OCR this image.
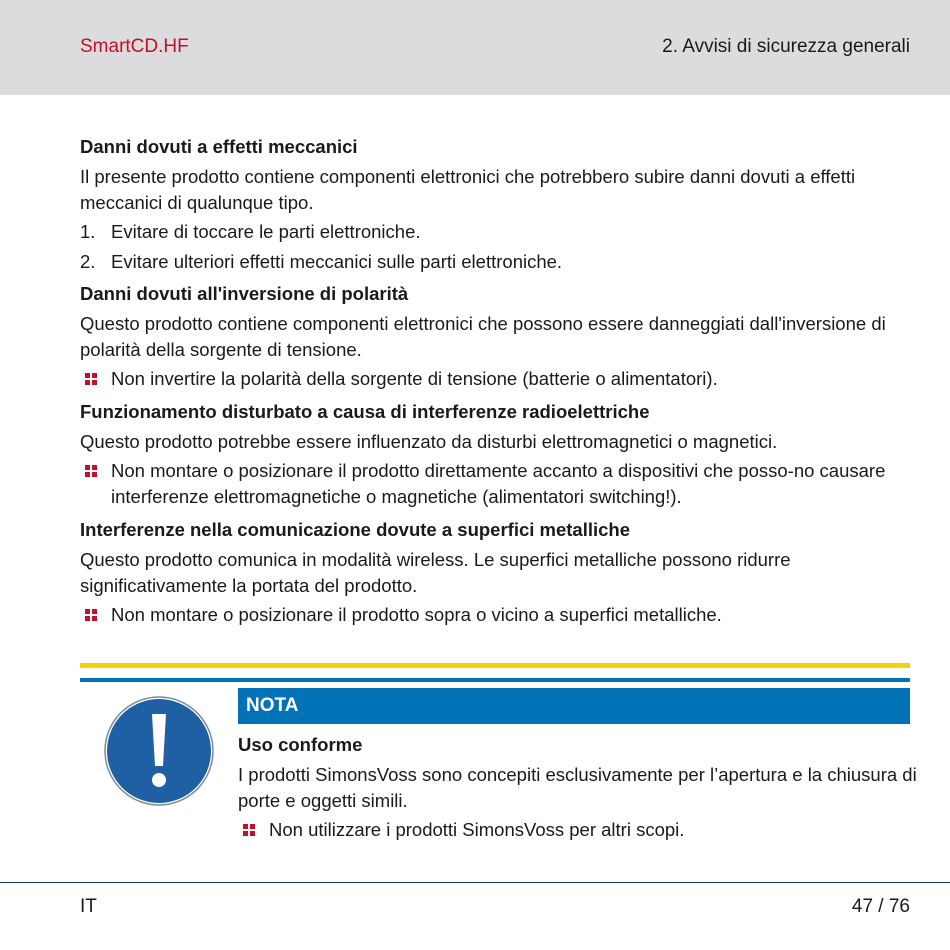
SmartCD.HF	2. Avvisi di sicurezza generali
Danni dovuti a effetti meccanici
Il presente prodotto contiene componenti elettronici che potrebbero subire danni dovuti a effetti meccanici di qualunque tipo.
1. Evitare di toccare le parti elettroniche.
2. Evitare ulteriori effetti meccanici sulle parti elettroniche.
Danni dovuti all'inversione di polarità
Questo prodotto contiene componenti elettronici che possono essere danneggiati dall'inversione di polarità della sorgente di tensione.
Non invertire la polarità della sorgente di tensione (batterie o alimentatori).
Funzionamento disturbato a causa di interferenze radioelettriche
Questo prodotto potrebbe essere influenzato da disturbi elettromagnetici o magnetici.
Non montare o posizionare il prodotto direttamente accanto a dispositivi che posso-no causare interferenze elettromagnetiche o magnetiche (alimentatori switching!).
Interferenze nella comunicazione dovute a superfici metalliche
Questo prodotto comunica in modalità wireless. Le superfici metalliche possono ridurre significativamente la portata del prodotto.
Non montare o posizionare il prodotto sopra o vicino a superfici metalliche.
NOTA
Uso conforme
I prodotti SimonsVoss sono concepiti esclusivamente per l’apertura e la chiusura di porte e oggetti simili.
Non utilizzare i prodotti SimonsVoss per altri scopi.
IT	47 / 76
